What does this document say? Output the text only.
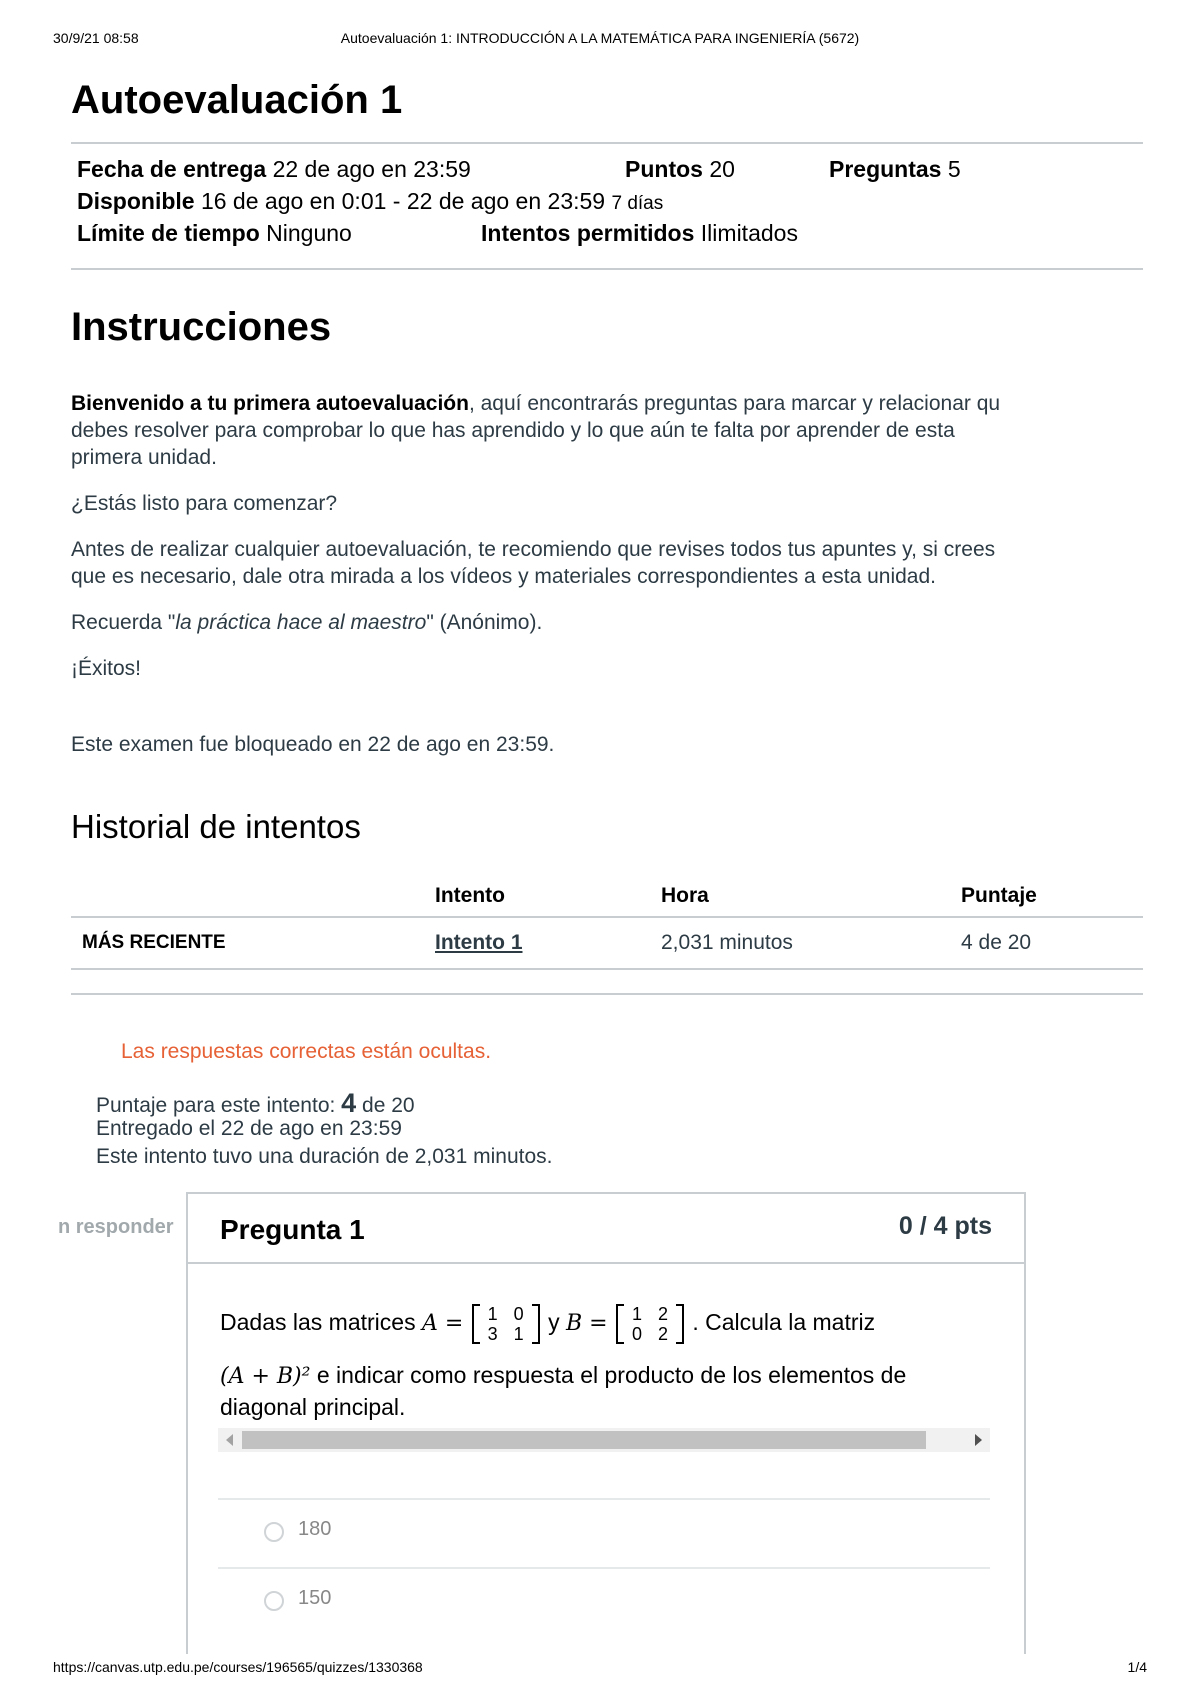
30/9/21 08:58	Autoevaluación 1: INTRODUCCIÓN A LA MATEMÁTICA PARA INGENIERÍA (5672)
Autoevaluación 1
Fecha de entrega 22 de ago en 23:59	Puntos 20	Preguntas 5
Disponible 16 de ago en 0:01 - 22 de ago en 23:59 7 días
Límite de tiempo Ninguno	Intentos permitidos Ilimitados
Instrucciones
Bienvenido a tu primera autoevaluación, aquí encontrarás preguntas para marcar y relacionar qu
debes resolver para comprobar lo que has aprendido y lo que aún te falta por aprender de esta
primera unidad.
¿Estás listo para comenzar?
Antes de realizar cualquier autoevaluación, te recomiendo que revises todos tus apuntes y, si crees
que es necesario, dale otra mirada a los vídeos y materiales correspondientes a esta unidad.
Recuerda "la práctica hace al maestro" (Anónimo).
¡Éxitos!
Este examen fue bloqueado en 22 de ago en 23:59.
Historial de intentos
	Intento	Hora	Puntaje
MÁS RECIENTE	Intento 1	2,031 minutos	4 de 20
Las respuestas correctas están ocultas.
Puntaje para este intento: 4 de 20
Entregado el 22 de ago en 23:59
Este intento tuvo una duración de 2,031 minutos.
n responder Pregunta 1	0 / 4 pts
Dadas las matrices A =	1 0
3 1	y B =	1 2
0 2	. Calcula la matriz
(A + B)² e indicar como respuesta el producto de los elementos de
diagonal principal.
180
150
https://canvas.utp.edu.pe/courses/196565/quizzes/1330368	1/4
